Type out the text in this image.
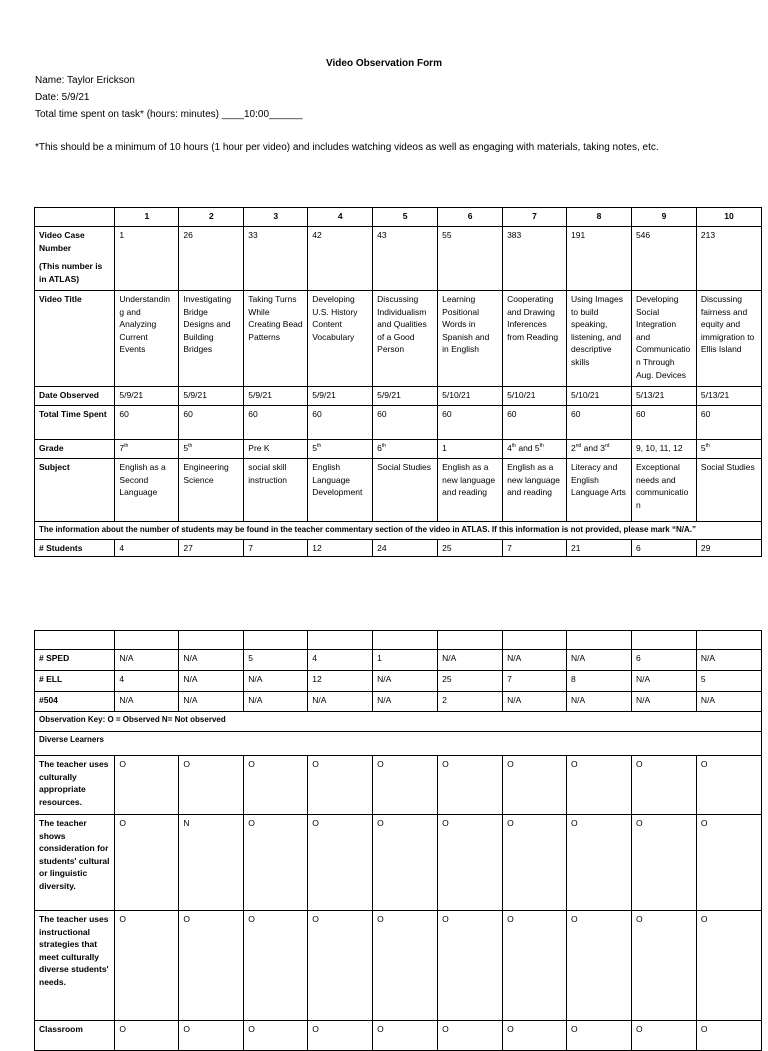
Video Observation Form
Name: Taylor Erickson
Date: 5/9/21
Total time spent on task* (hours: minutes) ____10:00______
*This should be a minimum of 10 hours (1 hour per video) and includes watching videos as well as engaging with materials, taking notes, etc.
	1	2	3	4	5	6	7	8	9	10

Video Case Number
(This number is in ATLAS)	1	26	33	42	43	55	383	191	546	213
Video Title	Understanding and Analyzing Current Events	Investigating Bridge Designs and Building Bridges	Taking Turns While Creating Bead Patterns	Developing U.S. History Content Vocabulary	Discussing Individualism and Qualities of a Good Person	Learning Positional Words in Spanish and in English	Cooperating and Drawing Inferences from Reading	Using Images to build speaking, listening, and descriptive skills	Developing Social Integration and Communication Through Aug. Devices	Discussing fairness and equity and immigration to Ellis Island
Date Observed	5/9/21	5/9/21	5/9/21	5/9/21	5/9/21	5/10/21	5/10/21	5/10/21	5/13/21	5/13/21
Total Time Spent	60	60	60	60	60	60	60	60	60	60
Grade	7th	5th	Pre K	5th	6th	1	4th and 5th	2nd and 3rd	9, 10, 11, 12	5th
Subject	English as a Second Language	Engineering Science	social skill instruction	English Language Development	Social Studies	English as a new language and reading	English as a new language and reading	Literacy and English Language Arts	Exceptional needs and communication	Social Studies
The information about the number of students may be found in the teacher commentary section of the video in ATLAS. If this information is not provided, please mark “N/A.”										
# Students	4	27	7	12	24	25	7	21	6	29

# SPED	N/A	N/A	5	4	1	N/A	N/A	N/A	6	N/A
# ELL	4	N/A	N/A	12	N/A	25	7	8	N/A	5
#504	N/A	N/A	N/A	N/A	N/A	2	N/A	N/A	N/A	N/A
Observation Key: O = Observed N= Not observed										
Diverse Learners										
The teacher uses culturally appropriate resources.	O	O	O	O	O	O	O	O	O	O
The teacher shows consideration for students' cultural or linguistic diversity.	O	N	O	O	O	O	O	O	O	O
The teacher uses instructional strategies that meet culturally diverse students' needs.	O	O	O	O	O	O	O	O	O	O
Classroom	O	O	O	O	O	O	O	O	O	O
